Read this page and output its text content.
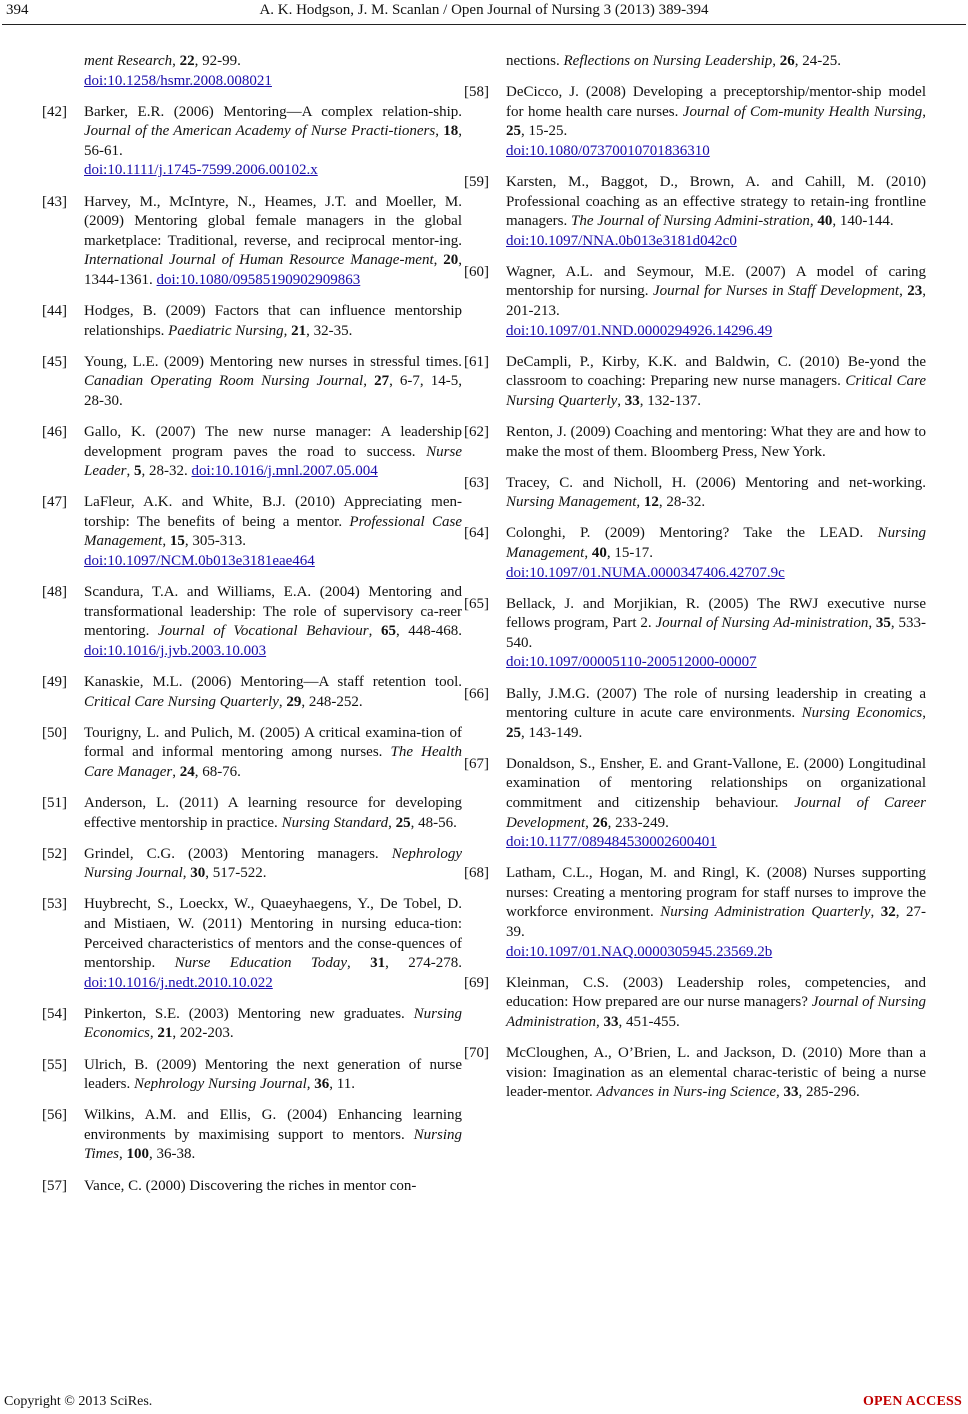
394	A. K. Hodgson, J. M. Scanlan / Open Journal of Nursing 3 (2013) 389-394
ment Research, 22, 92-99.
doi:10.1258/hsmr.2008.008021
[42] Barker, E.R. (2006) Mentoring—A complex relation-ship. Journal of the American Academy of Nurse Practi-tioners, 18, 56-61.
doi:10.1111/j.1745-7599.2006.00102.x
[43] Harvey, M., McIntyre, N., Heames, J.T. and Moeller, M. (2009) Mentoring global female managers in the global marketplace: Traditional, reverse, and reciprocal mentor-ing. International Journal of Human Resource Manage-ment, 20, 1344-1361. doi:10.1080/09585190902909863
[44] Hodges, B. (2009) Factors that can influence mentorship relationships. Paediatric Nursing, 21, 32-35.
[45] Young, L.E. (2009) Mentoring new nurses in stressful times. Canadian Operating Room Nursing Journal, 27, 6-7, 14-5, 28-30.
[46] Gallo, K. (2007) The new nurse manager: A leadership development program paves the road to success. Nurse Leader, 5, 28-32. doi:10.1016/j.mnl.2007.05.004
[47] LaFleur, A.K. and White, B.J. (2010) Appreciating men-torship: The benefits of being a mentor. Professional Case Management, 15, 305-313.
doi:10.1097/NCM.0b013e3181eae464
[48] Scandura, T.A. and Williams, E.A. (2004) Mentoring and transformational leadership: The role of supervisory ca-reer mentoring. Journal of Vocational Behaviour, 65, 448-468. doi:10.1016/j.jvb.2003.10.003
[49] Kanaskie, M.L. (2006) Mentoring—A staff retention tool. Critical Care Nursing Quarterly, 29, 248-252.
[50] Tourigny, L. and Pulich, M. (2005) A critical examina-tion of formal and informal mentoring among nurses. The Health Care Manager, 24, 68-76.
[51] Anderson, L. (2011) A learning resource for developing effective mentorship in practice. Nursing Standard, 25, 48-56.
[52] Grindel, C.G. (2003) Mentoring managers. Nephrology Nursing Journal, 30, 517-522.
[53] Huybrecht, S., Loeckx, W., Quaeyhaegens, Y., De Tobel, D. and Mistiaen, W. (2011) Mentoring in nursing educa-tion: Perceived characteristics of mentors and the conse-quences of mentorship. Nurse Education Today, 31, 274-278. doi:10.1016/j.nedt.2010.10.022
[54] Pinkerton, S.E. (2003) Mentoring new graduates. Nursing Economics, 21, 202-203.
[55] Ulrich, B. (2009) Mentoring the next generation of nurse leaders. Nephrology Nursing Journal, 36, 11.
[56] Wilkins, A.M. and Ellis, G. (2004) Enhancing learning environments by maximising support to mentors. Nursing Times, 100, 36-38.
[57] Vance, C. (2000) Discovering the riches in mentor con-
nections. Reflections on Nursing Leadership, 26, 24-25.
[58] DeCicco, J. (2008) Developing a preceptorship/mentor-ship model for home health care nurses. Journal of Com-munity Health Nursing, 25, 15-25.
doi:10.1080/07370010701836310
[59] Karsten, M., Baggot, D., Brown, A. and Cahill, M. (2010) Professional coaching as an effective strategy to retain-ing frontline managers. The Journal of Nursing Admini-stration, 40, 140-144.
doi:10.1097/NNA.0b013e3181d042c0
[60] Wagner, A.L. and Seymour, M.E. (2007) A model of caring mentorship for nursing. Journal for Nurses in Staff Development, 23, 201-213.
doi:10.1097/01.NND.0000294926.14296.49
[61] DeCampli, P., Kirby, K.K. and Baldwin, C. (2010) Be-yond the classroom to coaching: Preparing new nurse managers. Critical Care Nursing Quarterly, 33, 132-137.
[62] Renton, J. (2009) Coaching and mentoring: What they are and how to make the most of them. Bloomberg Press, New York.
[63] Tracey, C. and Nicholl, H. (2006) Mentoring and net-working. Nursing Management, 12, 28-32.
[64] Colonghi, P. (2009) Mentoring? Take the LEAD. Nursing Management, 40, 15-17.
doi:10.1097/01.NUMA.0000347406.42707.9c
[65] Bellack, J. and Morjikian, R. (2005) The RWJ executive nurse fellows program, Part 2. Journal of Nursing Ad-ministration, 35, 533-540.
doi:10.1097/00005110-200512000-00007
[66] Bally, J.M.G. (2007) The role of nursing leadership in creating a mentoring culture in acute care environments. Nursing Economics, 25, 143-149.
[67] Donaldson, S., Ensher, E. and Grant-Vallone, E. (2000) Longitudinal examination of mentoring relationships on organizational commitment and citizenship behaviour. Journal of Career Development, 26, 233-249.
doi:10.1177/089484530002600401
[68] Latham, C.L., Hogan, M. and Ringl, K. (2008) Nurses supporting nurses: Creating a mentoring program for staff nurses to improve the workforce environment. Nursing Administration Quarterly, 32, 27-39.
doi:10.1097/01.NAQ.0000305945.23569.2b
[69] Kleinman, C.S. (2003) Leadership roles, competencies, and education: How prepared are our nurse managers? Journal of Nursing Administration, 33, 451-455.
[70] McCloughen, A., O’Brien, L. and Jackson, D. (2010) More than a vision: Imagination as an elemental charac-teristic of being a nurse leader-mentor. Advances in Nurs-ing Science, 33, 285-296.
Copyright © 2013 SciRes.	OPEN ACCESS
